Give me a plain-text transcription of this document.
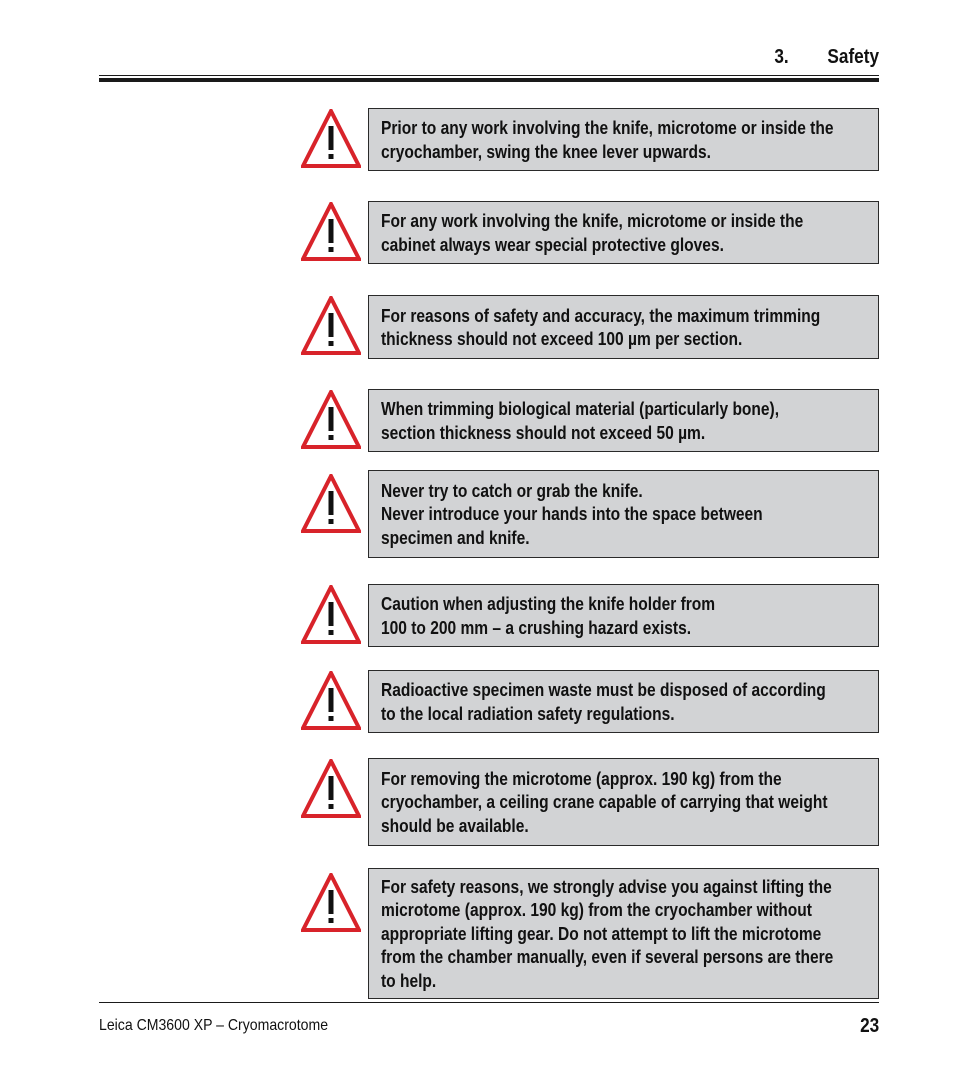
3. Safety
Prior to any work involving the knife, microtome or inside the
cryochamber, swing the knee lever upwards.
For any work involving the knife, microtome or inside the
cabinet always wear special protective gloves.
For reasons of safety and accuracy, the maximum trimming
thickness should not exceed 100 µm per section.
When trimming biological material (particularly bone),
section thickness should not exceed 50 µm.
Never try to catch or grab the knife.
Never introduce your hands into the space between
specimen and knife.
Caution when adjusting the knife holder from
100 to 200 mm – a crushing hazard exists.
Radioactive specimen waste must be disposed of according
to the local radiation safety regulations.
For removing the microtome (approx. 190 kg) from the
cryochamber, a ceiling crane capable of carrying that weight
should be available.
For safety reasons, we strongly advise you against lifting the
microtome (approx. 190 kg) from the cryochamber without
appropriate lifting gear. Do not attempt to lift the microtome
from the chamber manually, even if several persons are there
to help.
Leica CM3600 XP – Cryomacrotome	23
